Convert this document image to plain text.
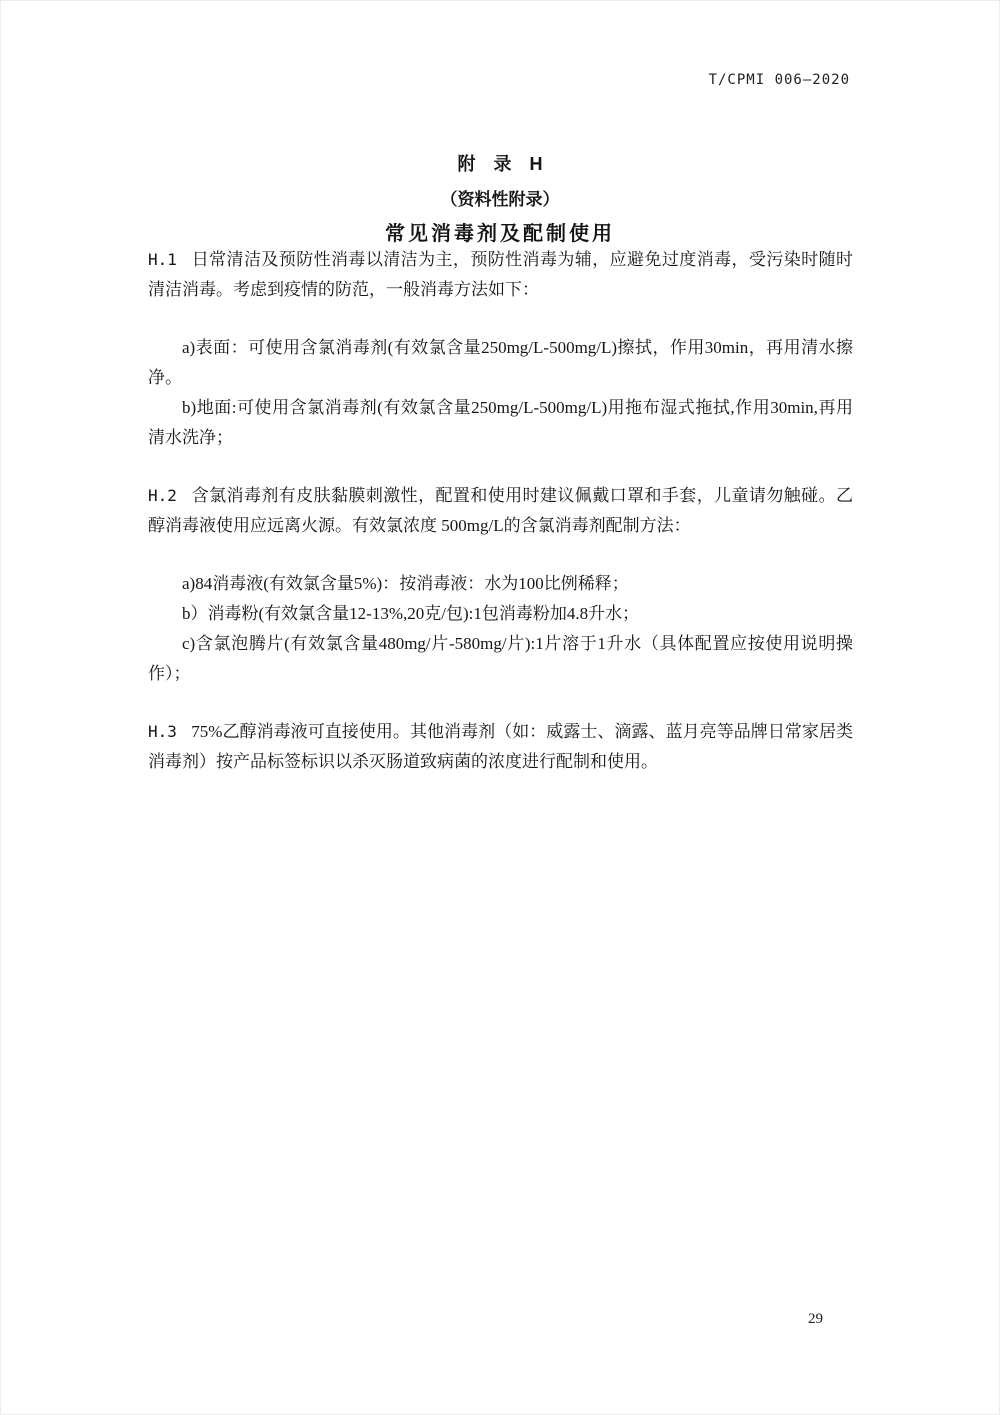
T/CPMI 006—2020
附　录　H
（资料性附录）
常见消毒剂及配制使用

H.1 日常清洁及预防性消毒以清洁为主，预防性消毒为辅，应避免过度消毒，受污染时随时清洁消毒。考虑到疫情的防范，一般消毒方法如下：

a)表面：可使用含氯消毒剂(有效氯含量250mg/L-500mg/L)擦拭，作用30min，再用清水擦净。

b)地面:可使用含氯消毒剂(有效氯含量250mg/L-500mg/L)用拖布湿式拖拭,作用30min,再用清水洗净；

H.2 含氯消毒剂有皮肤黏膜刺激性，配置和使用时建议佩戴口罩和手套，儿童请勿触碰。乙醇消毒液使用应远离火源。有效氯浓度 500mg/L的含氯消毒剂配制方法：

a)84消毒液(有效氯含量5%)：按消毒液：水为100比例稀释；

b）消毒粉(有效氯含量12-13%,20克/包):1包消毒粉加4.8升水；

c)含氯泡腾片(有效氯含量480mg/片-580mg/片):1片溶于1升水（具体配置应按使用说明操作）；

H.3 75%乙醇消毒液可直接使用。其他消毒剂（如：威露士、滴露、蓝月亮等品牌日常家居类消毒剂）按产品标签标识以杀灭肠道致病菌的浓度进行配制和使用。

29
